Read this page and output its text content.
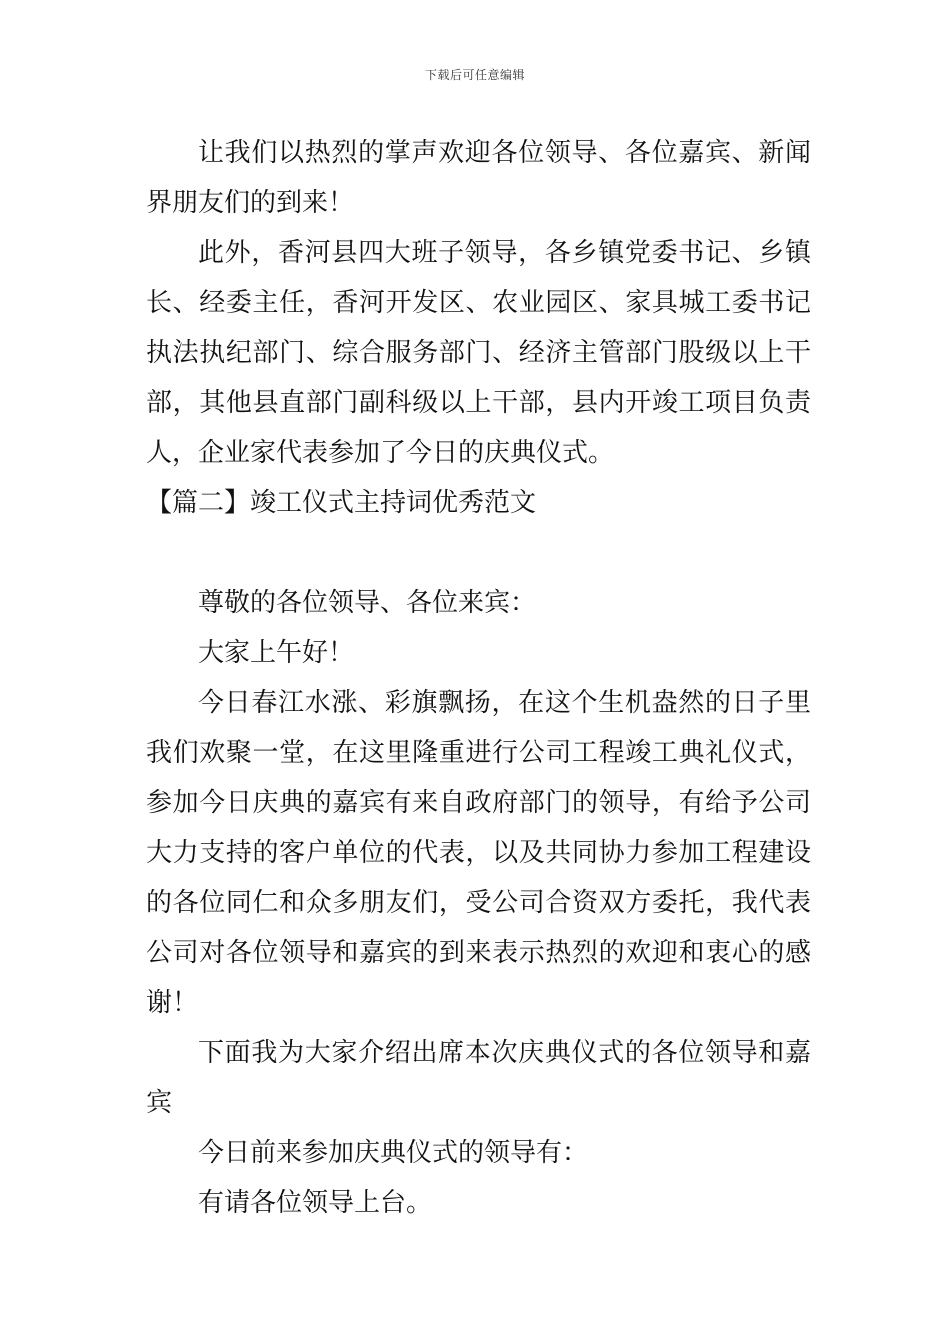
下载后可任意编辑

让我们以热烈的掌声欢迎各位领导、各位嘉宾、新闻界朋友们的到来！

此外，香河县四大班子领导，各乡镇党委书记、乡镇长、经委主任，香河开发区、农业园区、家具城工委书记执法执纪部门、综合服务部门、经济主管部门股级以上干部，其他县直部门副科级以上干部，县内开竣工项目负责人，企业家代表参加了今日的庆典仪式。

【篇二】竣工仪式主持词优秀范文

尊敬的各位领导、各位来宾：

大家上午好！

今日春江水涨、彩旗飘扬，在这个生机盎然的日子里我们欢聚一堂，在这里隆重进行公司工程竣工典礼仪式，参加今日庆典的嘉宾有来自政府部门的领导，有给予公司大力支持的客户单位的代表，以及共同协力参加工程建设的各位同仁和众多朋友们，受公司合资双方委托，我代表公司对各位领导和嘉宾的到来表示热烈的欢迎和衷心的感谢！

下面我为大家介绍出席本次庆典仪式的各位领导和嘉宾

今日前来参加庆典仪式的领导有：

有请各位领导上台。
